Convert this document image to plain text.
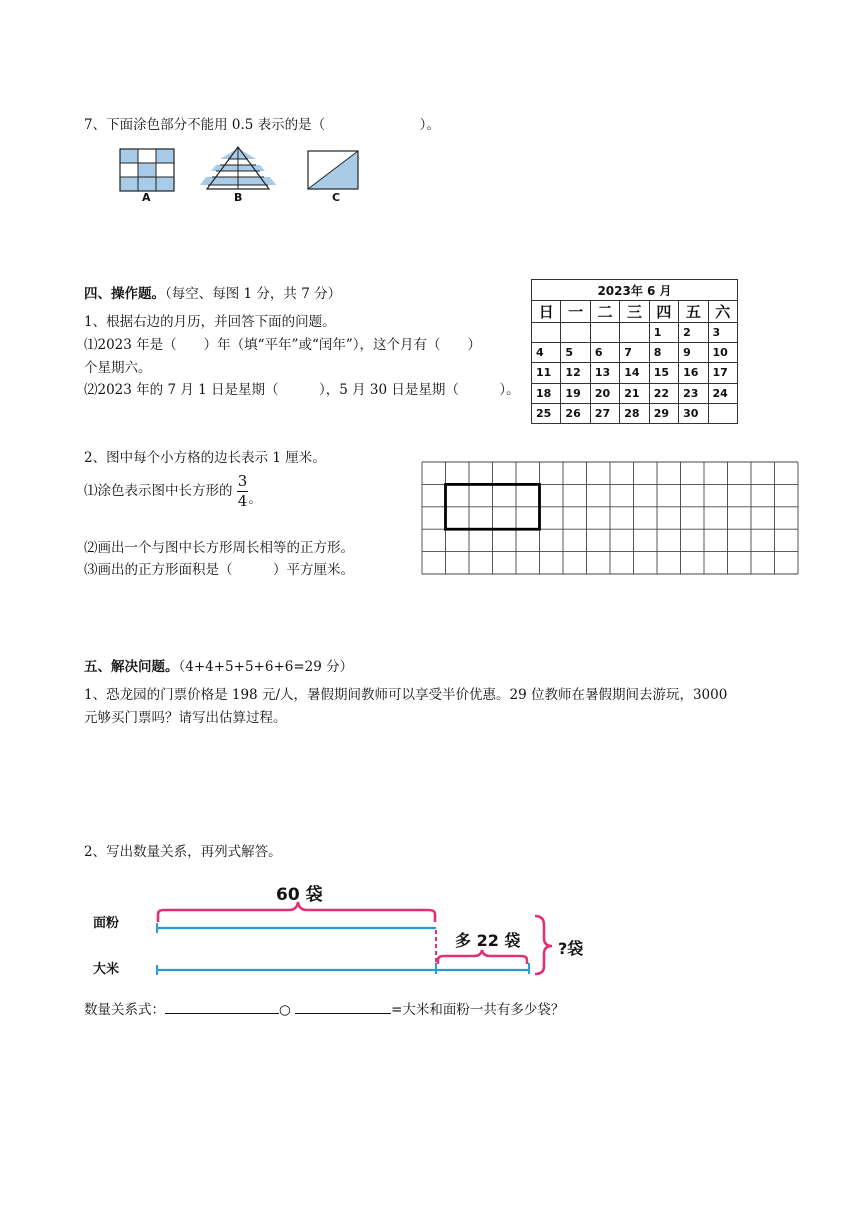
7、下面涂色部分不能用 0.5 表示的是（　　　　　　　）。
A	B	C
四、操作题。（每空、每图 1 分，共 7 分）
1、根据右边的月历，并回答下面的问题。
⑴2023 年是（　　）年（填“平年”或“闰年”），这个月有（　　）
个星期六。
⑵2023 年的 7 月 1 日是星期（　　　），5 月 30 日是星期（　　　）。
2023年 6 月						
日	一	二	三	四	五	六
				1	2	3
4	5	6	7	8	9	10
11	12	13	14	15	16	17
18	19	20	21	22	23	24
25	26	27	28	29	30	
2、图中每个小方格的边长表示 1 厘米。
⑴涂色表示图中长方形的 $\frac{3}{4}$ 。
⑵画出一个与图中长方形周长相等的正方形。
⑶画出的正方形面积是（　　　）平方厘米。
五、解决问题。（4+4+5+5+6+6=29 分）
1、恐龙园的门票价格是 198 元/人，暑假期间教师可以享受半价优惠。29 位教师在暑假期间去游玩，3000
元够买门票吗？请写出估算过程。
2、写出数量关系，再列式解答。
60 袋
面粉
大米
多 22 袋 ?袋
数量关系式：	○	=大米和面粉一共有多少袋？
